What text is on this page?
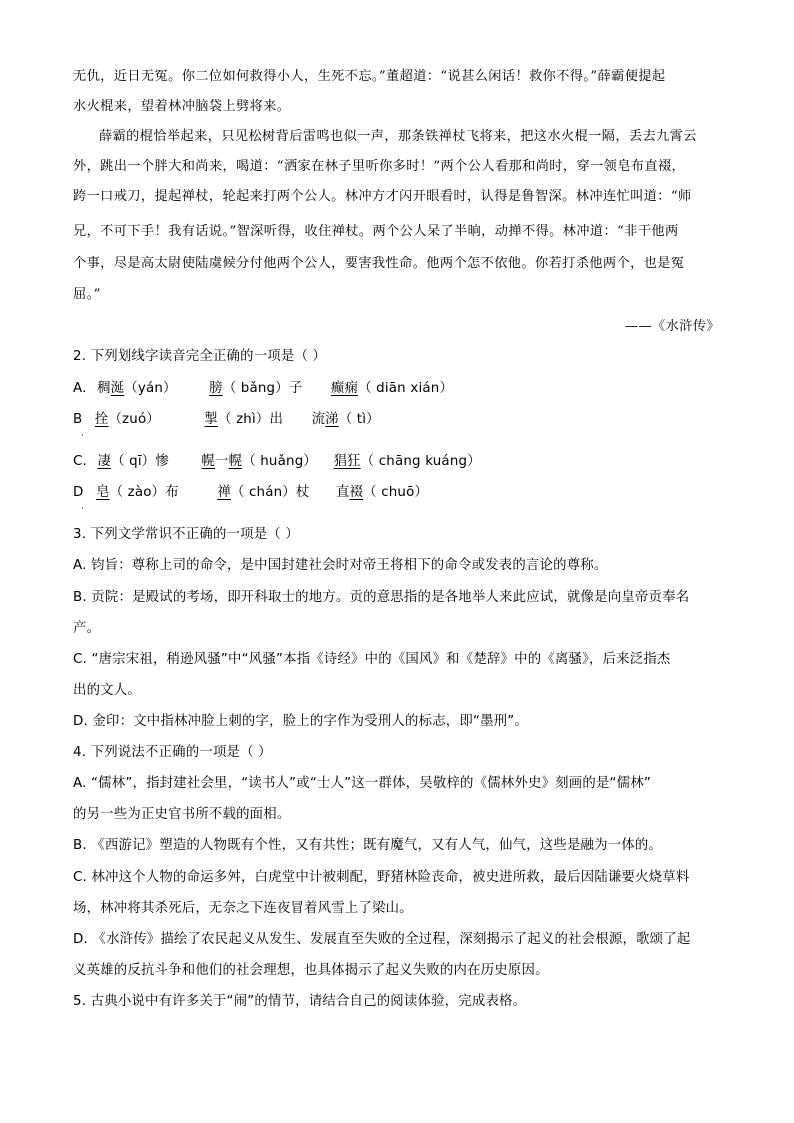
无仇，近日无冤。你二位如何救得小人，生死不忘。”董超道：“说甚么闲话！救你不得。”薛霸便提起
水火棍来，望着林冲脑袋上劈将来。
薛霸的棍恰举起来，只见松树背后雷鸣也似一声，那条铁禅杖飞将来，把这水火棍一隔，丢去九霄云
外，跳出一个胖大和尚来，喝道：“洒家在林子里听你多时！”两个公人看那和尚时，穿一领皂布直裰，
跨一口戒刀，提起禅杖，轮起来打两个公人。林冲方才闪开眼看时，认得是鲁智深。林冲连忙叫道：“师
兄，不可下手！我有话说。”智深听得，收住禅杖。两个公人呆了半晌，动掸不得。林冲道：“非干他两
个事，尽是高太尉使陆虞候分付他两个公人，要害我性命。他两个怎不依他。你若打杀他两个，也是冤
屈。”
——《水浒传》
2. 下列划线字读音完全正确的一项是（ ）
A. 稠涎（yán） 膀（ bǎng）子 癫痫（ diān xián）
B 拴（zuó）	掣（ zhì）出 流涕（ tì）
·
C. 凄（ qī）惨 幌一幌（ huǎng） 猖狂（ chāng kuáng）
D 皂（ zào）布	禅（ chán）杖 直裰（ chuō）
·
3. 下列文学常识不正确的一项是（ ）
A. 钧旨：尊称上司的命令，是中国封建社会时对帝王将相下的命令或发表的言论的尊称。
B. 贡院：是殿试的考场，即开科取士的地方。贡的意思指的是各地举人来此应试，就像是向皇帝贡奉名
产。
C. “唐宗宋祖，稍逊风骚”中“风骚”本指《诗经》中的《国风》和《楚辞》中的《离骚》，后来泛指杰
出的文人。
D. 金印：文中指林冲脸上刺的字，脸上的字作为受刑人的标志，即“墨刑”。
4. 下列说法不正确的一项是（ ）
A. “儒林”，指封建社会里，“读书人”或“士人”这一群体，吴敬梓的《儒林外史》刻画的是“儒林”
的另一些为正史官书所不载的面相。
B. 《西游记》塑造的人物既有个性，又有共性；既有魔气，又有人气，仙气，这些是融为一体的。
C. 林冲这个人物的命运多舛，白虎堂中计被刺配，野猪林险丧命，被史进所救，最后因陆谦要火烧草料
场，林冲将其杀死后，无奈之下连夜冒着风雪上了梁山。
D. 《水浒传》描绘了农民起义从发生、发展直至失败的全过程，深刻揭示了起义的社会根源，歌颂了起
义英雄的反抗斗争和他们的社会理想，也具体揭示了起义失败的内在历史原因。
5. 古典小说中有许多关于“闹”的情节，请结合自己的阅读体验，完成表格。
